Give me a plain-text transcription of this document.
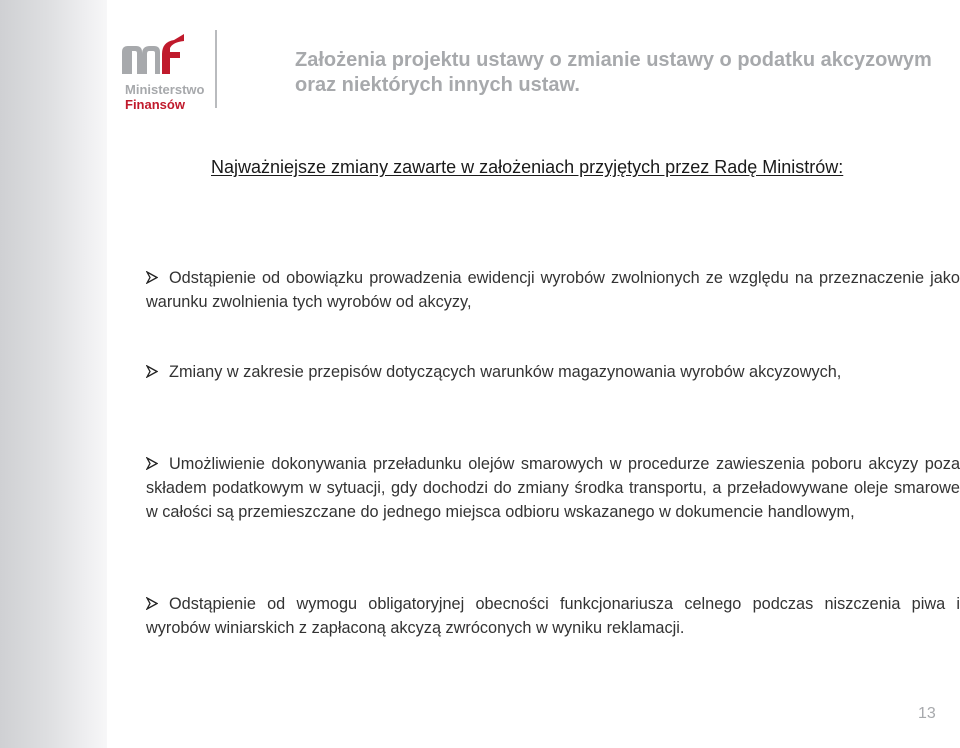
Ministerstwo
Finansów
Założenia projektu ustawy o zmianie ustawy o podatku akcyzowym oraz niektórych innych ustaw.
Najważniejsze zmiany zawarte w założeniach przyjętych przez Radę Ministrów:
Odstąpienie od obowiązku prowadzenia ewidencji wyrobów zwolnionych ze względu na przeznaczenie jako warunku zwolnienia tych wyrobów od akcyzy,
Zmiany w zakresie przepisów dotyczących warunków magazynowania wyrobów akcyzowych,
Umożliwienie dokonywania przeładunku olejów smarowych w procedurze zawieszenia poboru akcyzy poza składem podatkowym w sytuacji, gdy dochodzi do zmiany środka transportu, a przeładowywane oleje smarowe w całości są przemieszczane do jednego miejsca odbioru wskazanego w dokumencie handlowym,
Odstąpienie od wymogu obligatoryjnej obecności funkcjonariusza celnego podczas niszczenia piwa i wyrobów winiarskich z zapłaconą akcyzą zwróconych w wyniku reklamacji.
13
